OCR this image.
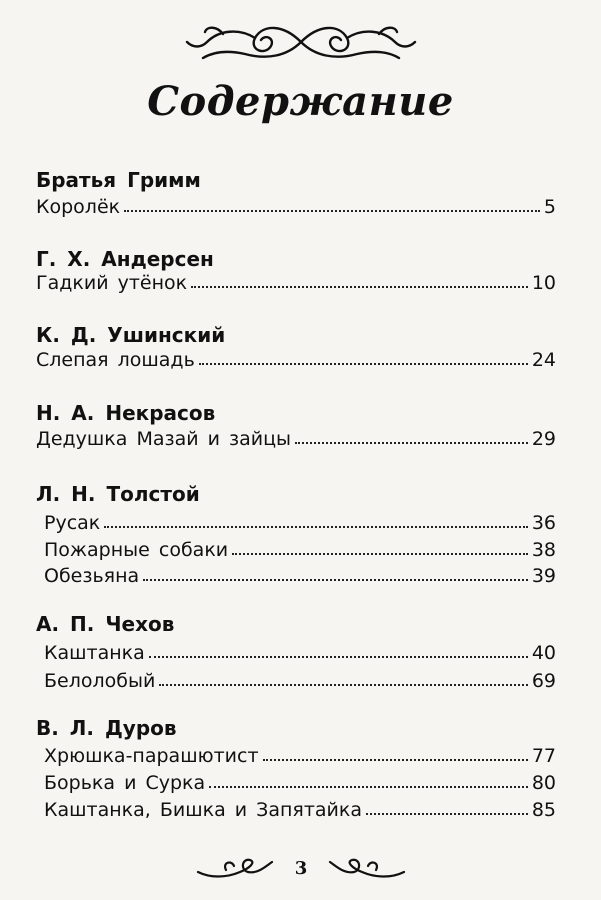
Содержание
Братья Гримм
Королёк	5
Г. Х. Андерсен
Гадкий утёнок	10
К. Д. Ушинский
Слепая лошадь	24
Н. А. Некрасов
Дедушка Мазай и зайцы	29
Л. Н. Толстой
Русак	36
Пожарные собаки	38
Обезьяна	39
А. П. Чехов
Каштанка	40
Белолобый	69
В. Л. Дуров
Хрюшка-парашютист	77
Борька и Сурка	80
Каштанка, Бишка и Запятайка	85
3
